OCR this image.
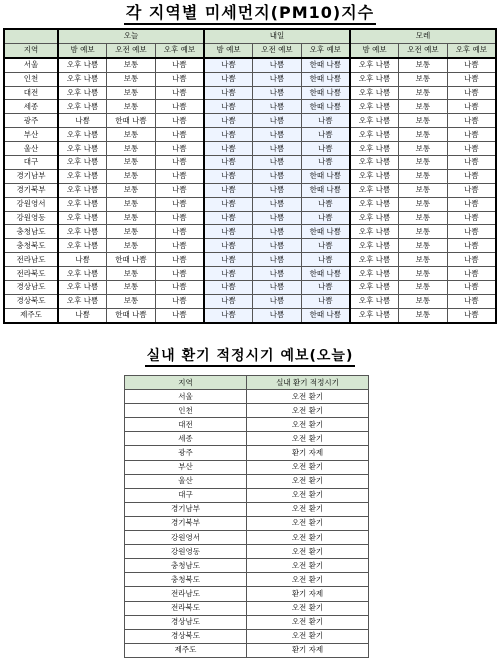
각 지역별 미세먼지(PM10)지수
	오늘			내일			모레		
지역	밤 예보	오전 예보	오후 예보	밤 예보	오전 예보	오후 예보	밤 예보	오전 예보	오후 예보
서울	오후 나쁨	보통	나쁨	나쁨	나쁨	한때 나쁨	오후 나쁨	보통	나쁨
인천	오후 나쁨	보통	나쁨	나쁨	나쁨	한때 나쁨	오후 나쁨	보통	나쁨
대전	오후 나쁨	보통	나쁨	나쁨	나쁨	한때 나쁨	오후 나쁨	보통	나쁨
세종	오후 나쁨	보통	나쁨	나쁨	나쁨	한때 나쁨	오후 나쁨	보통	나쁨
광주	나쁨	한때 나쁨	나쁨	나쁨	나쁨	나쁨	오후 나쁨	보통	나쁨
부산	오후 나쁨	보통	나쁨	나쁨	나쁨	나쁨	오후 나쁨	보통	나쁨
울산	오후 나쁨	보통	나쁨	나쁨	나쁨	나쁨	오후 나쁨	보통	나쁨
대구	오후 나쁨	보통	나쁨	나쁨	나쁨	나쁨	오후 나쁨	보통	나쁨
경기남부	오후 나쁨	보통	나쁨	나쁨	나쁨	한때 나쁨	오후 나쁨	보통	나쁨
경기북부	오후 나쁨	보통	나쁨	나쁨	나쁨	한때 나쁨	오후 나쁨	보통	나쁨
강원영서	오후 나쁨	보통	나쁨	나쁨	나쁨	나쁨	오후 나쁨	보통	나쁨
강원영동	오후 나쁨	보통	나쁨	나쁨	나쁨	나쁨	오후 나쁨	보통	나쁨
충청남도	오후 나쁨	보통	나쁨	나쁨	나쁨	한때 나쁨	오후 나쁨	보통	나쁨
충청북도	오후 나쁨	보통	나쁨	나쁨	나쁨	나쁨	오후 나쁨	보통	나쁨
전라남도	나쁨	한때 나쁨	나쁨	나쁨	나쁨	나쁨	오후 나쁨	보통	나쁨
전라북도	오후 나쁨	보통	나쁨	나쁨	나쁨	한때 나쁨	오후 나쁨	보통	나쁨
경상남도	오후 나쁨	보통	나쁨	나쁨	나쁨	나쁨	오후 나쁨	보통	나쁨
경상북도	오후 나쁨	보통	나쁨	나쁨	나쁨	나쁨	오후 나쁨	보통	나쁨
제주도	나쁨	한때 나쁨	나쁨	나쁨	나쁨	한때 나쁨	오후 나쁨	보통	나쁨
실내 환기 적정시기 예보(오늘)
지역	실내 환기 적정시기
서울	오전 환기
인천	오전 환기
대전	오전 환기
세종	오전 환기
광주	환기 자제
부산	오전 환기
울산	오전 환기
대구	오전 환기
경기남부	오전 환기
경기북부	오전 환기
강원영서	오전 환기
강원영동	오전 환기
충청남도	오전 환기
충청북도	오전 환기
전라남도	환기 자제
전라북도	오전 환기
경상남도	오전 환기
경상북도	오전 환기
제주도	환기 자제
